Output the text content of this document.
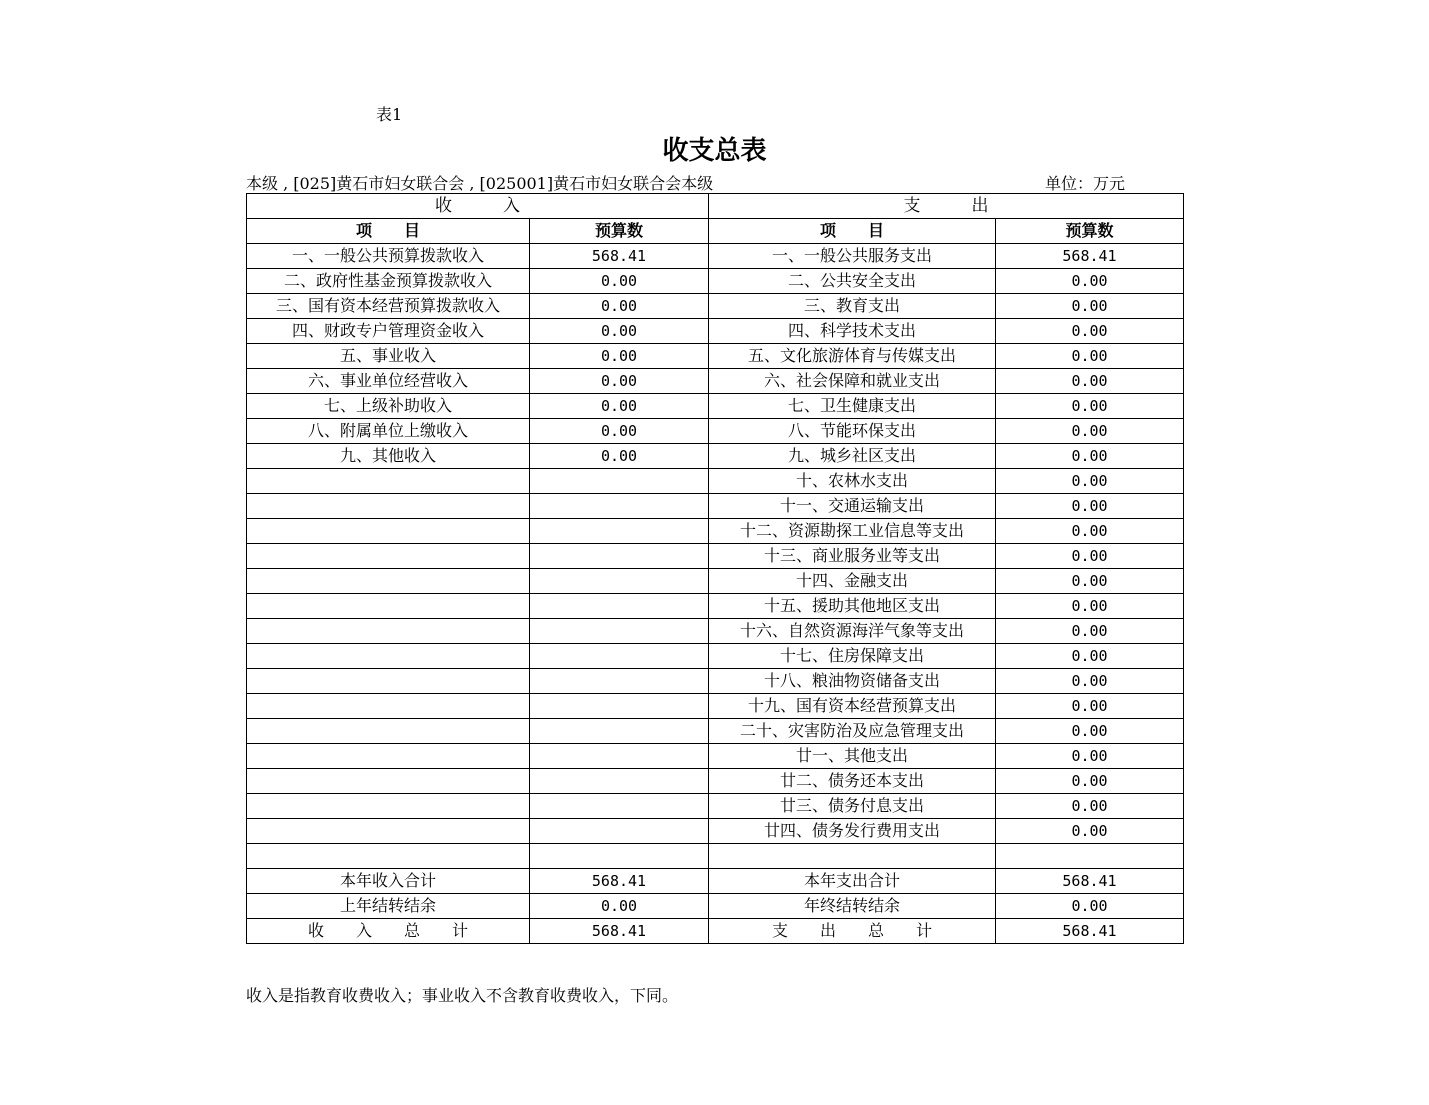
表1
收支总表
本级 , [025]黄石市妇女联合会 , [025001]黄石市妇女联合会本级	单位：万元
收　　　入		支　　　出	
项　　目	预算数	项　　目	预算数
一、一般公共预算拨款收入	568.41	一、一般公共服务支出	568.41
二、政府性基金预算拨款收入	0.00	二、公共安全支出	0.00
三、国有资本经营预算拨款收入	0.00	三、教育支出	0.00
四、财政专户管理资金收入	0.00	四、科学技术支出	0.00
五、事业收入	0.00	五、文化旅游体育与传媒支出	0.00
六、事业单位经营收入	0.00	六、社会保障和就业支出	0.00
七、上级补助收入	0.00	七、卫生健康支出	0.00
八、附属单位上缴收入	0.00	八、节能环保支出	0.00
九、其他收入	0.00	九、城乡社区支出	0.00
		十、农林水支出	0.00
		十一、交通运输支出	0.00
		十二、资源勘探工业信息等支出	0.00
		十三、商业服务业等支出	0.00
		十四、金融支出	0.00
		十五、援助其他地区支出	0.00
		十六、自然资源海洋气象等支出	0.00
		十七、住房保障支出	0.00
		十八、粮油物资储备支出	0.00
		十九、国有资本经营预算支出	0.00
		二十、灾害防治及应急管理支出	0.00
		廿一、其他支出	0.00
		廿二、债务还本支出	0.00
		廿三、债务付息支出	0.00
		廿四、债务发行费用支出	0.00

本年收入合计	568.41	本年支出合计	568.41
上年结转结余	0.00	年终结转结余	0.00
收　　入　　总　　计	568.41	支　　出　　总　　计	568.41
收入是指教育收费收入；事业收入不含教育收费收入，下同。
